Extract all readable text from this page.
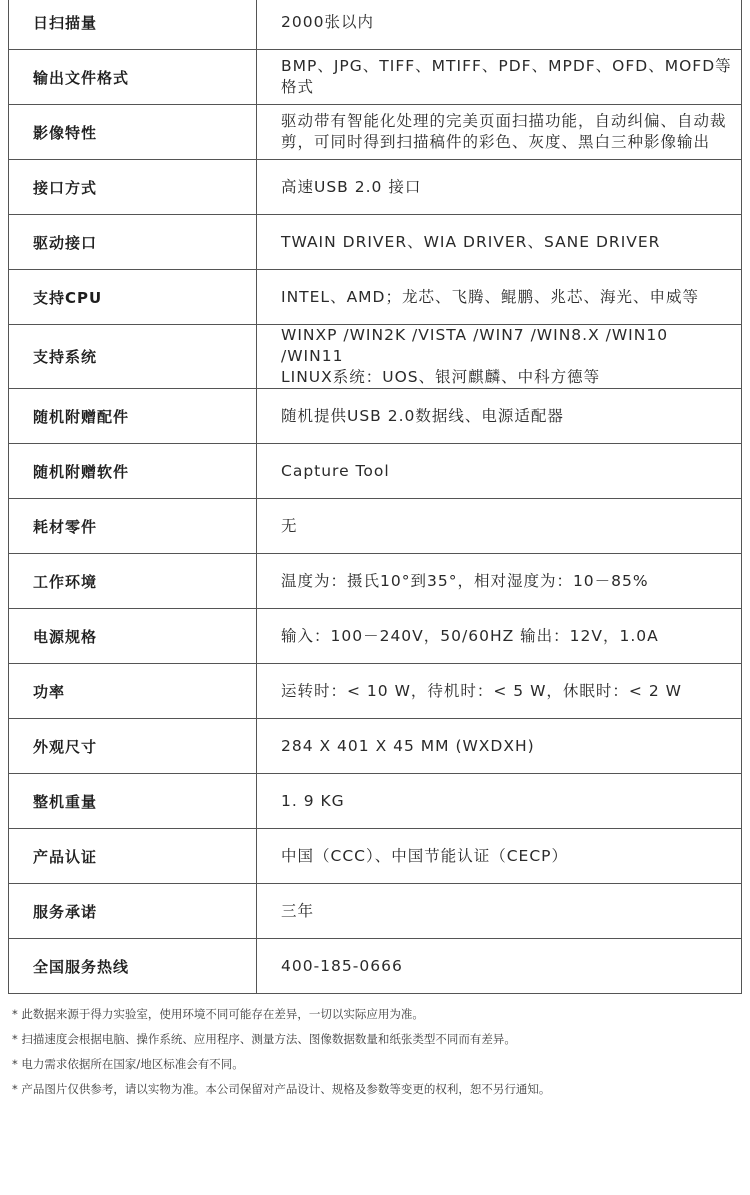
日扫描量	2000张以内
输出文件格式	BMP、JPG、TIFF、MTIFF、PDF、MPDF、OFD、MOFD等格式
影像特性	驱动带有智能化处理的完美页面扫描功能，自动纠偏、自动裁
剪，可同时得到扫描稿件的彩色、灰度、黑白三种影像输出
接口方式	高速USB 2.0 接口
驱动接口	TWAIN DRIVER、WIA DRIVER、SANE DRIVER
支持CPU	INTEL、AMD；龙芯、飞腾、鲲鹏、兆芯、海光、申威等
支持系统	WINXP /WIN2K /VISTA /WIN7 /WIN8.X /WIN10 /WIN11
LINUX系统：UOS、银河麒麟、中科方德等
随机附赠配件	随机提供USB 2.0数据线、电源适配器
随机附赠软件	Capture Tool
耗材零件	无
工作环境	温度为：摄氏10°到35°，相对湿度为：10－85%
电源规格	输入：100－240V，50/60HZ 输出：12V，1.0A
功率	运转时：< 10 W，待机时：< 5 W，休眠时：< 2 W
外观尺寸	284 X 401 X 45 MM (WXDXH)
整机重量	1. 9 KG
产品认证	中国（CCC）、中国节能认证（CECP）
服务承诺	三年
全国服务热线	400-185-0666
* 此数据来源于得力实验室，使用环境不同可能存在差异，一切以实际应用为准。
* 扫描速度会根据电脑、操作系统、应用程序、测量方法、图像数据数量和纸张类型不同而有差异。
* 电力需求依据所在国家/地区标准会有不同。
* 产品图片仅供参考，请以实物为准。本公司保留对产品设计、规格及参数等变更的权利，恕不另行通知。
